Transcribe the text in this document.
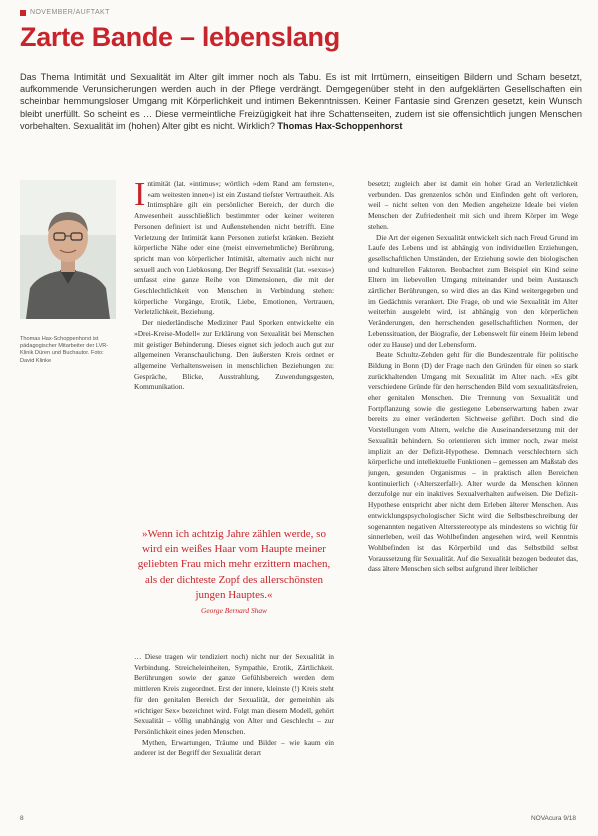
NOVEMBER/AUFTAKT
Zarte Bande – lebenslang
Das Thema Intimität und Sexualität im Alter gilt immer noch als Tabu. Es ist mit Irrtümern, einseitigen Bildern und Scham besetzt, aufkommende Verunsicherungen werden auch in der Pflege verdrängt. Demgegenüber steht in den aufgeklärten Gesellschaften ein scheinbar hemmungsloser Umgang mit Körperlichkeit und intimen Bekenntnissen. Keiner Fantasie sind Grenzen gesetzt, kein Wunsch bleibt unerfüllt. So scheint es … Diese vermeintliche Freizügigkeit hat ihre Schattenseiten, zudem ist sie offensichtlich jungen Menschen vorbehalten. Sexualität im (hohen) Alter gibt es nicht. Wirklich? Thomas Hax-Schoppenhorst
Thomas Hax-Schoppenhorst ist pädagogischer Mitarbeiter der LVR-Klinik Düren und Buchautor. Foto: David Klinke

Intimität (lat. »intimus«; wörtlich »dem Rand am fernsten«, »am weitesten innen«) ist ein Zustand tiefster Vertrautheit. Als Intimsphäre gilt ein persönlicher Bereich, der durch die Anwesenheit ausschließlich bestimmter oder keiner weiteren Personen definiert ist und Außenstehenden nicht betrifft. Eine Verletzung der Intimität kann Personen zutiefst kränken. Bezieht körperliche Nähe oder eine (meist einvernehmliche) Berührung, spricht man von körperlicher Intimität, alternativ auch nicht nur sexuell auch von Liebkosung. Der Begriff Sexualität (lat. »sexus«) umfasst eine ganze Reihe von Dimensionen, die mit der Geschlechtlichkeit von Menschen in Verbindung stehen: körperliche Vorgänge, Erotik, Liebe, Emotionen, Vertrauen, Verletzlichkeit, Beziehung.

Der niederländische Mediziner Paul Sporken entwickelte ein »Drei-Kreise-Modell« zur Erklärung von Sexualität bei Menschen mit geistiger Behinderung. Dieses eignet sich jedoch auch gut zur allgemeinen Veranschaulichung. Den äußersten Kreis ordnet er allgemeine Verhaltensweisen in menschlichen Beziehungen zu: Gespräche, Blicke, Ausstrahlung, Zuwendungsgesten, Kommunikation.

»Wenn ich achtzig Jahre zählen werde, so wird ein weißes Haar vom Haupte meiner geliebten Frau mich mehr erzittern machen, als der dichteste Zopf des allerschönsten jungen Hauptes.«
George Bernard Shaw

… Diese tragen wir tendiziert noch) nicht nur der Sexualität in Verbindung. Streicheleinheiten, Sympathie, Erotik, Zärtlichkeit. Berührungen sowie der ganze Gefühlsbereich werden dem mittleren Kreis zugeordnet. Erst der innere, kleinste (!) Kreis steht für den genitalen Bereich der Sexualität, der gemeinhin als »richtiger Sex« bezeichnet wird. Folgt man diesem Modell, gehört Sexualität – völlig unabhängig von Alter und Geschlecht – zur Persönlichkeit eines jeden Menschen.

Mythen, Erwartungen, Träume und Bilder – wie kaum ein anderer ist der Begriff der Sexualität derart

besetzt; zugleich aber ist damit ein hoher Grad an Verletzlichkeit verbunden. Das grenzenlos schön und Einfinden geht oft verloren, weil – nicht selten von den Medien angeheizte Ideale bei vielen Menschen der Zufriedenheit mit sich und ihrem Körper im Wege stehen.

Die Art der eigenen Sexualität entwickelt sich nach Freud Grund im Laufe des Lebens und ist abhängig von individuellen Erziehungen, gesellschaftlichen Umständen, der Erziehung sowie den biologischen und kulturellen Faktoren. Beobachtet zum Beispiel ein Kind seine Eltern im liebevollen Umgang miteinander und beim Austausch zärtlicher Berührungen, so wird dies an das Kind weitergegeben und im Gedächtnis verankert. Die Frage, ob und wie Sexualität im Alter weiterhin ausgelebt wird, ist abhängig von den körperlichen Veränderungen, den herrschenden gesellschaftlichen Normen, der Lebenssituation, der Biografie, der Lebenswelt für einem Heim lebend oder zu Hause) und der Lebensform.

Beate Schultz-Zehden geht für die Bundeszentrale für politische Bildung in Bonn (D) der Frage nach den Gründen für einen so stark zurückhaltenden Umgang mit Sexualität im Alter nach. »Es gibt verschiedene Gründe für den herrschenden Bild vom sexualitätsfreien, eher genitalen Menschen. Die Trennung von Sexualität und Fortpflanzung sowie die gestiegene Lebenserwartung haben zwar bereits zu einer veränderten Sichtweise geführt. Doch sind die Vorstellungen vom Altern, welche die Auseinandersetzung mit der Sexualität behindern. So orientieren sich immer noch, zwar meist implizit an der Defizit-Hypothese. Demnach verschlechtern sich körperliche und intellektuelle Funktionen – gemessen am Maßstab des jungen, gesunden Organismus – in praktisch allen Bereichen kontinuierlich (›Alterszerfall‹). Alter wurde da Menschen können derzufolge nur ein inaktives Sexualverhalten aufweisen. Die Defizit-Hypothese entspricht aber nicht dem Erleben älterer Menschen. Aus entwicklungspsychologischer Sicht wird die Selbstbeschreibung der sogenannten negativen Altersstereotype als mindestens so wichtig für sinnerleben, weil das Wohlbefinden angesehen wird, weil Kenntnis Wohlbefinden ist das Körperbild und das Selbstbild selbst Voraussetzung für Sexualität. Auf die Sexualität bezogen bedeutet das, dass ältere Menschen sich selbst aufgrund ihrer leiblicher

8	NOVAcura 9/18
